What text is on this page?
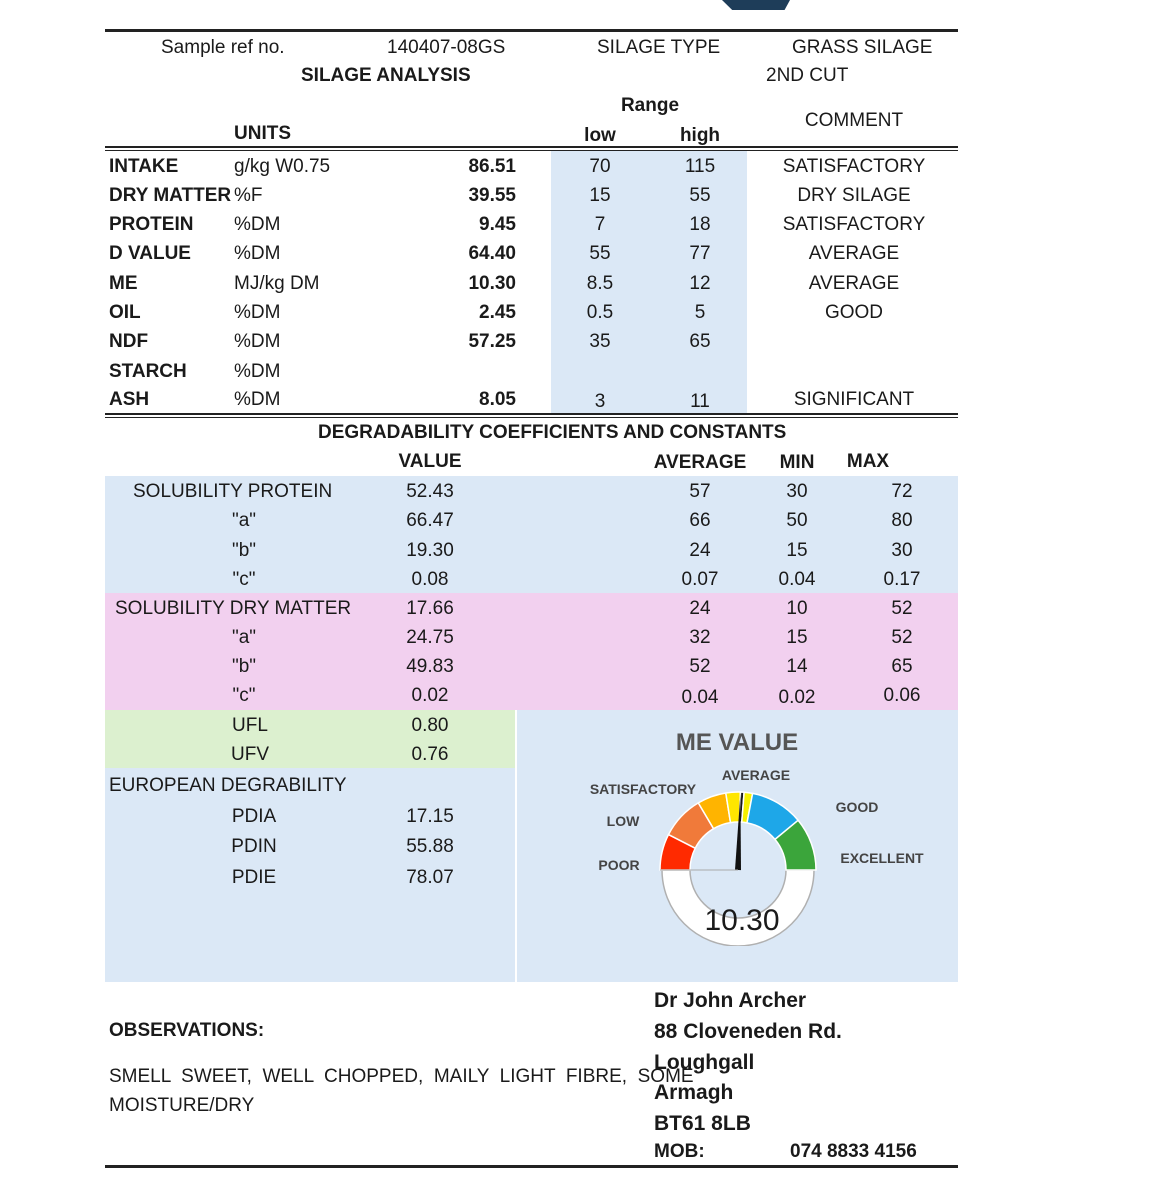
Sample ref no.	140407-08GS	SILAGE TYPE	GRASS SILAGE
SILAGE ANALYSIS	2ND CUT
Range
UNITS	low	high
COMMENT
INTAKE	g/kg W0.75	86.51	70	115	SATISFACTORY
DRY MATTER %F	39.55	15	55	DRY SILAGE
PROTEIN %DM	9.45	7	18	SATISFACTORY
D VALUE %DM	64.40	55	77	AVERAGE
ME	MJ/kg DM	10.30	8.5	12	AVERAGE
OIL	%DM	2.45	0.5	5	GOOD
NDF	%DM	57.25	35	65
STARCH %DM
ASH	%DM	8.05	3	11	SIGNIFICANT
DEGRADABILITY COEFFICIENTS AND CONSTANTS
VALUE	AVERAGE MIN MAX
SOLUBILITY PROTEIN	52.43	57	30	72
"a"	66.47	66	50	80
"b"	19.30	24	15	30
"c"	0.08	0.07	0.04	0.17
SOLUBILITY DRY MATTER	17.66	24	10	52
"a"	24.75	32	15	52
"b"	49.83	52	14	65
"c"	0.02	0.04	0.02	0.06
UFL	0.80
UFV	0.76
EUROPEAN DEGRABILITY
PDIA	17.15
PDIN	55.88
PDIE	78.07
ME VALUE
AVERAGE
SATISFACTORY
GOOD
LOW
EXCELLENT
POOR
10.30
Dr John Archer
88 Cloveneden Rd.
Loughgall
Armagh
BT61 8LB
MOB:	074 8833 4156
OBSERVATIONS:
SMELL  SWEET,  WELL  CHOPPED,  MAILY  LIGHT  FIBRE,  SOME
MOISTURE/DRY
